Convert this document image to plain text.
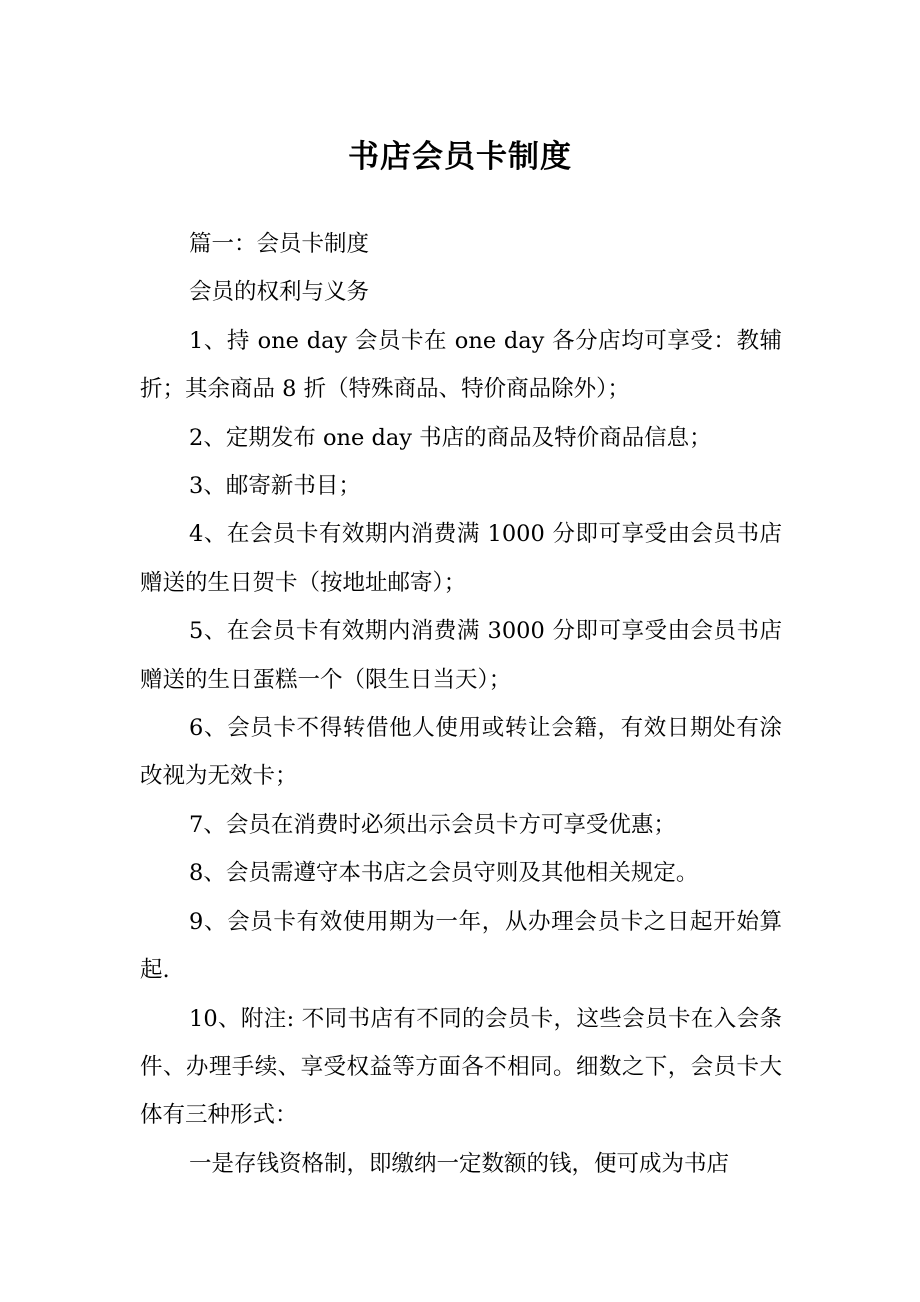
书店会员卡制度

篇一：会员卡制度

会员的权利与义务

1、持 one day 会员卡在 one day 各分店均可享受：教辅折；其余商品 8 折（特殊商品、特价商品除外）；

2、定期发布 one day 书店的商品及特价商品信息；

3、邮寄新书目；

4、在会员卡有效期内消费满 1000 分即可享受由会员书店赠送的生日贺卡（按地址邮寄）；

5、在会员卡有效期内消费满 3000 分即可享受由会员书店赠送的生日蛋糕一个（限生日当天）；

6、会员卡不得转借他人使用或转让会籍，有效日期处有涂改视为无效卡；

7、会员在消费时必须出示会员卡方可享受优惠；

8、会员需遵守本书店之会员守则及其他相关规定。

9、会员卡有效使用期为一年，从办理会员卡之日起开始算起.

10、附注: 不同书店有不同的会员卡，这些会员卡在入会条件、办理手续、享受权益等方面各不相同。细数之下，会员卡大体有三种形式：

一是存钱资格制，即缴纳一定数额的钱，便可成为书店
